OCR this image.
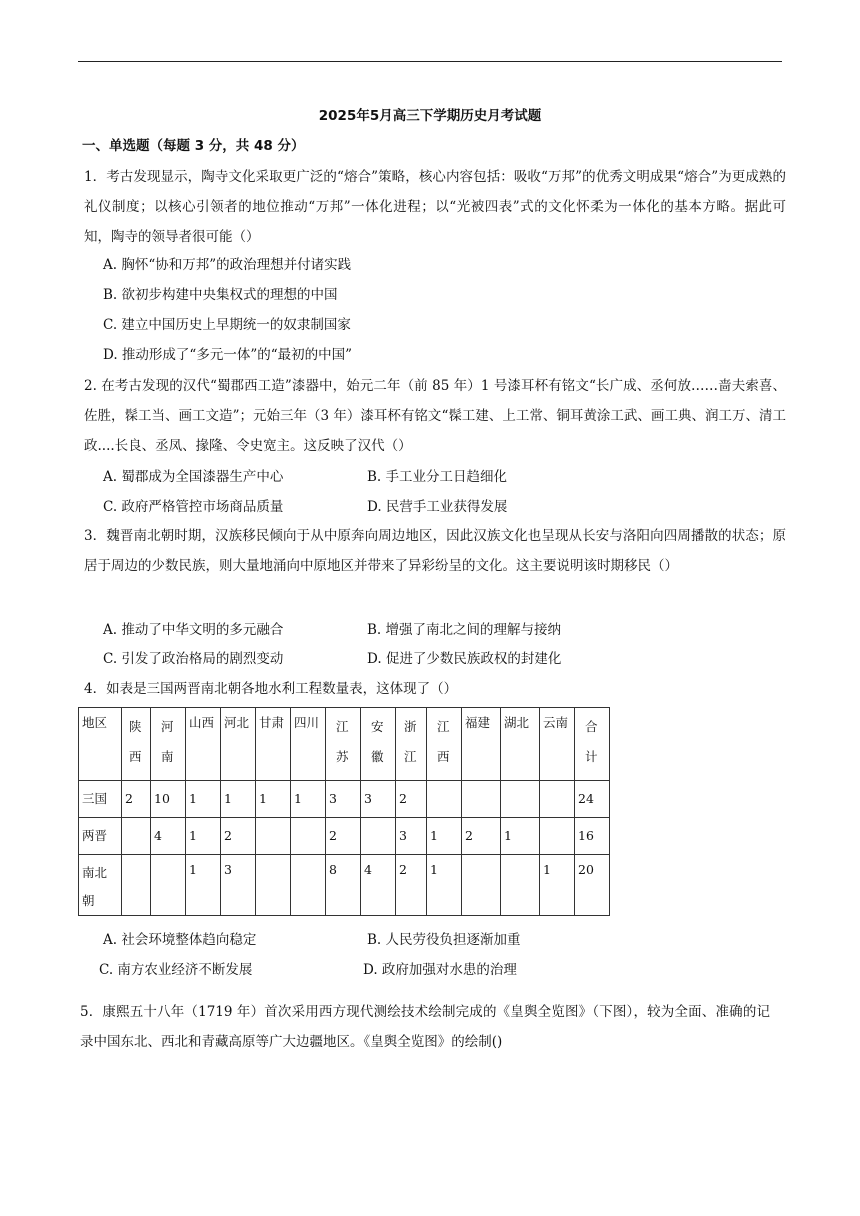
2025年5月高三下学期历史月考试题
一、单选题（每题 3 分，共 48 分）
1．考古发现显示，陶寺文化采取更广泛的“熔合”策略，核心内容包括：吸收“万邦”的优秀文明成果“熔合”为更成熟的礼仪制度；以核心引领者的地位推动“万邦”一体化进程；以“光被四表”式的文化怀柔为一体化的基本方略。据此可知，陶寺的领导者很可能（）
A. 胸怀“协和万邦”的政治理想并付诸实践
B. 欲初步构建中央集权式的理想的中国
C. 建立中国历史上早期统一的奴隶制国家
D. 推动形成了“多元一体”的“最初的中国”
2. 在考古发现的汉代“蜀郡西工造”漆器中，始元二年（前 85 年）1 号漆耳杯有铭文“长广成、丞何放……啬夫索喜、佐胜，髹工当、画工文造”；元始三年（3 年）漆耳杯有铭文“髹工建、上工常、铜耳黄涂工武、画工典、润工万、清工政....长良、丞凤、掾隆、令史宽主。这反映了汉代（）
A. 蜀郡成为全国漆器生产中心	B. 手工业分工日趋细化
C. 政府严格管控市场商品质量	D. 民营手工业获得发展
3．魏晋南北朝时期，汉族移民倾向于从中原奔向周边地区，因此汉族文化也呈现从长安与洛阳向四周播散的状态；原居于周边的少数民族，则大量地涌向中原地区并带来了异彩纷呈的文化。这主要说明该时期移民（）
A. 推动了中华文明的多元融合	B. 增强了南北之间的理解与接纳
C. 引发了政治格局的剧烈变动	D. 促进了少数民族政权的封建化
4．如表是三国两晋南北朝各地水利工程数量表，这体现了（）
地区	陕西	河南	山西	河北	甘肃	四川	江苏	安徽	浙江	江西	福建	湖北	云南	合计

三国	2	10	1	1	1	1	3	3	2					24
两晋		4	1	2			2		3	1	2	1		16

南北朝			1	3			8	4	2	1			1	20
A. 社会环境整体趋向稳定	B. 人民劳役负担逐渐加重
C. 南方农业经济不断发展	D. 政府加强对水患的治理
5．康熙五十八年（1719 年）首次采用西方现代测绘技术绘制完成的《皇舆全览图》（下图），较为全面、准确的记录中国东北、西北和青藏高原等广大边疆地区。《皇舆全览图》的绘制()
